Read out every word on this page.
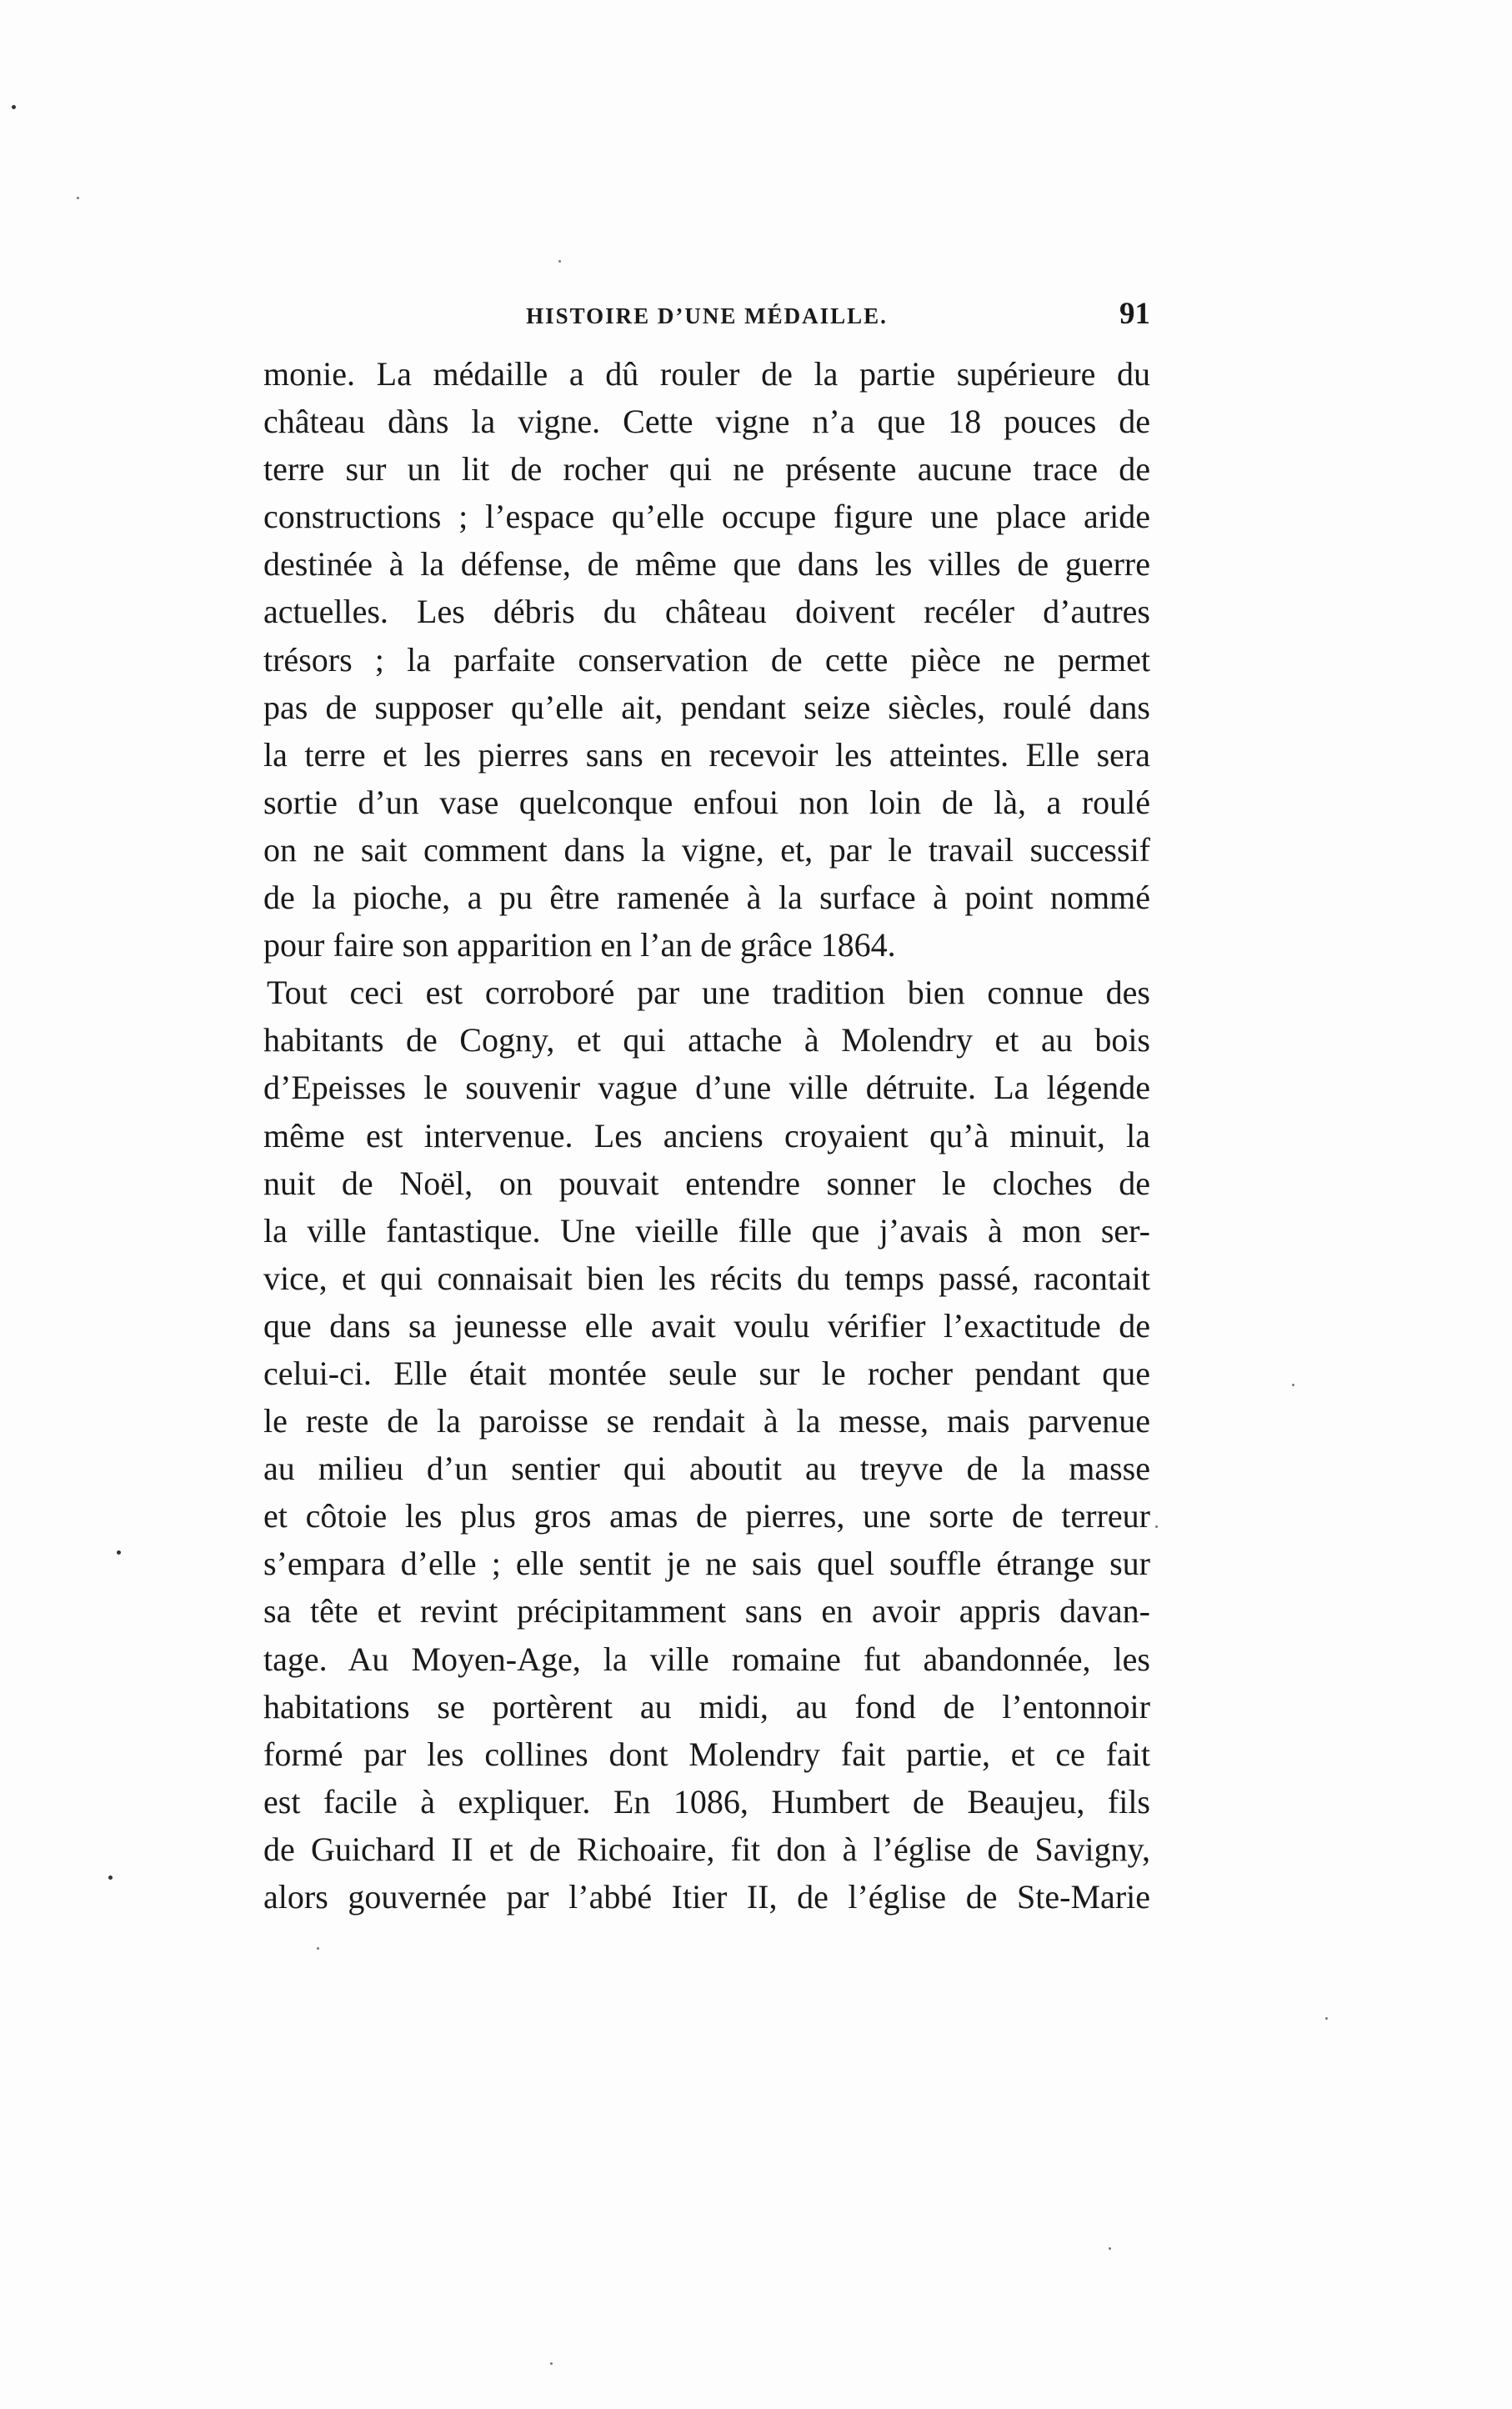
HISTOIRE D’UNE MÉDAILLE.	91
monie. La médaille a dû rouler de la partie supérieure du
château dàns la vigne. Cette vigne n’a que 18 pouces de
terre sur un lit de rocher qui ne présente aucune trace de
constructions ; l’espace qu’elle occupe figure une place aride
destinée à la défense, de même que dans les villes de guerre
actuelles. Les débris du château doivent recéler d’autres
trésors ; la parfaite conservation de cette pièce ne permet
pas de supposer qu’elle ait, pendant seize siècles, roulé dans
la terre et les pierres sans en recevoir les atteintes. Elle sera
sortie d’un vase quelconque enfoui non loin de là, a roulé
on ne sait comment dans la vigne, et, par le travail successif
de la pioche, a pu être ramenée à la surface à point nommé
pour faire son apparition en l’an de grâce 1864.
Tout ceci est corroboré par une tradition bien connue des
habitants de Cogny, et qui attache à Molendry et au bois
d’Epeisses le souvenir vague d’une ville détruite. La légende
même est intervenue. Les anciens croyaient qu’à minuit, la
nuit de Noël, on pouvait entendre sonner le cloches de
la ville fantastique. Une vieille fille que j’avais à mon ser-
vice, et qui connaisait bien les récits du temps passé, racontait
que dans sa jeunesse elle avait voulu vérifier l’exactitude de
celui-ci. Elle était montée seule sur le rocher pendant que
le reste de la paroisse se rendait à la messe, mais parvenue
au milieu d’un sentier qui aboutit au treyve de la masse
et côtoie les plus gros amas de pierres, une sorte de terreur
s’empara d’elle ; elle sentit je ne sais quel souffle étrange sur
sa tête et revint précipitamment sans en avoir appris davan-
tage. Au Moyen-Age, la ville romaine fut abandonnée, les
habitations se portèrent au midi, au fond de l’entonnoir
formé par les collines dont Molendry fait partie, et ce fait
est facile à expliquer. En 1086, Humbert de Beaujeu, fils
de Guichard II et de Richoaire, fit don à l’église de Savigny,
alors gouvernée par l’abbé Itier II, de l’église de Ste-Marie
